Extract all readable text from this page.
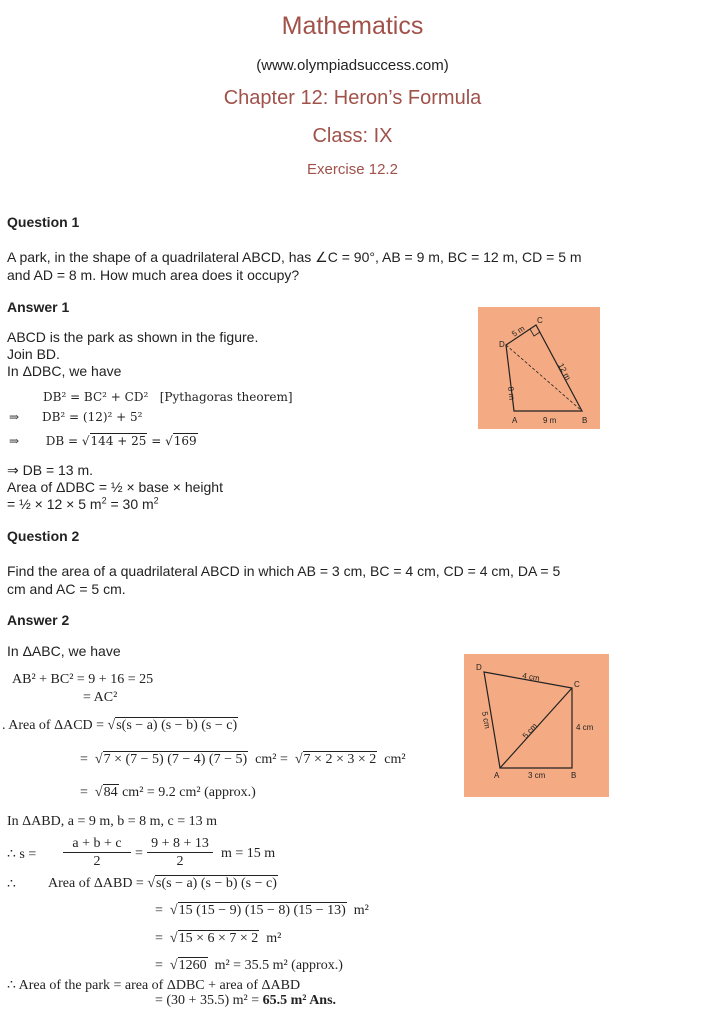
Mathematics
(www.olympiadsuccess.com)
Chapter 12: Heron’s Formula
Class: IX
Exercise 12.2
Question 1
A park, in the shape of a quadrilateral ABCD, has ∠C = 90°, AB = 9 m, BC = 12 m, CD = 5 m
and AD = 8 m. How much area does it occupy?
Answer 1
ABCD is the park as shown in the figure.
Join BD.
In ΔDBC, we have
DB² = BC² + CD² [Pythagoras theorem]
⇒ DB² = (12)² + 5²
⇒ DB = √144 + 25 = √169
⇒ DB = 13 m.
Area of ΔDBC = ½ × base × height
= ½ × 12 × 5 $m^2 = 30$ $m^2$
D
C
A	B
5 m
12 m
8 m
9 m
Question 2
Find the area of a quadrilateral ABCD in which AB = 3 cm, BC = 4 cm, CD = 4 cm, DA = 5
cm and AC = 5 cm.
Answer 2
In ΔABC, we have
AB² + BC² = 9 + 16 = 25
= AC²
. Area of ΔACD = √s(s − a) (s − b) (s − c)
=  √7 × (7 − 5) (7 − 4) (7 − 5) cm² =  √7 × 2 × 3 × 2 cm²
=  √84 cm² = 9.2 cm² (approx.)
In ΔABD, a = 9 m, b = 8 m, c = 13 m
∴ s =
a + b + c
2
=
9 + 8 + 13
2
m = 15 m
∴ Area of ΔABD = √s(s − a) (s − b) (s − c)
=  √15 (15 − 9) (15 − 8) (15 − 13) m²
=  √15 × 6 × 7 × 2 m²
=  √1260 m² = 35.5 m² (approx.)
∴ Area of the park = area of ΔDBC + area of ΔABD
= (30 + 35.5) m² = 65.5 m² Ans.
D
C
A	B
4 cm
5 cm
5 cm	4 cm
3 cm
